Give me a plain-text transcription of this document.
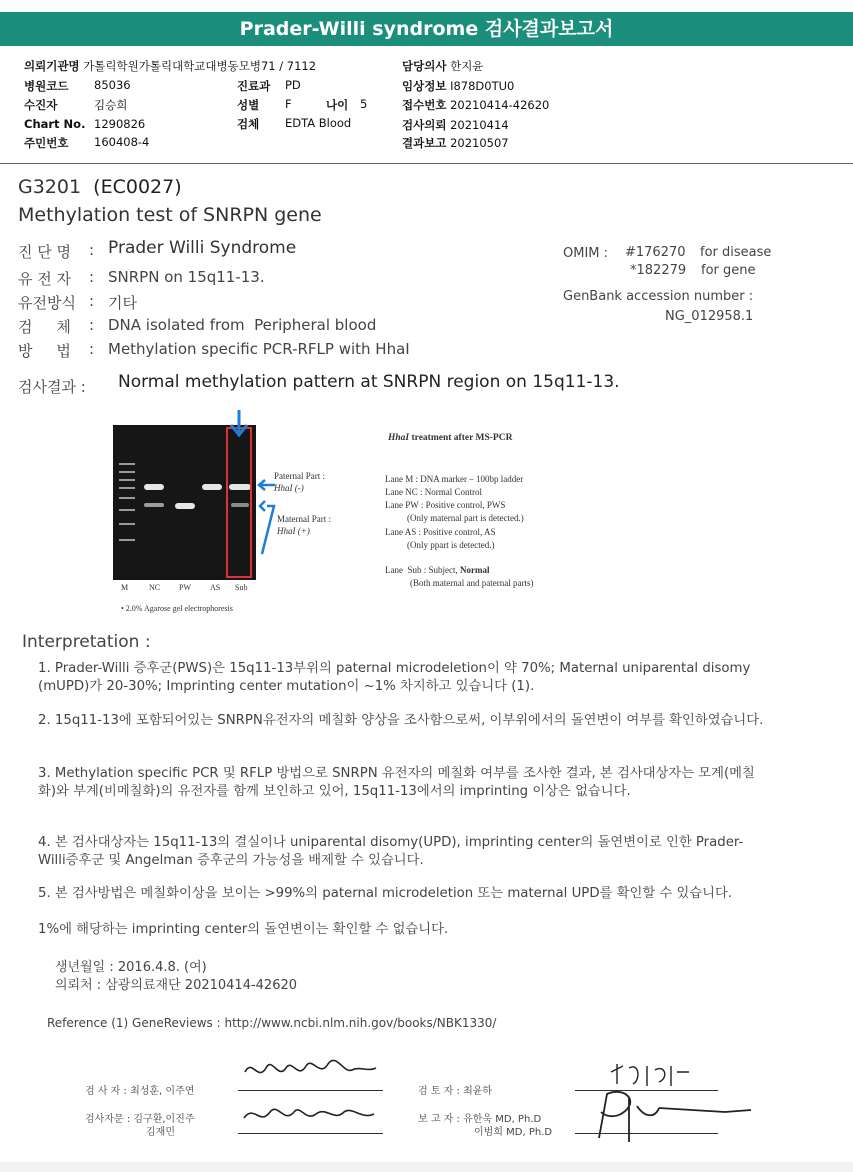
Prader-Willi syndrome 검사결과보고서
의뢰기관명 가톨릭학원가톨릭대학교대병동모병71 / 7112
병원코드 85036
수진자	김승희
Chart No. 1290826
주민번호 160408-4
진료과 PD
성별 F	나이 5
검체 EDTA Blood
담당의사 한지윤
임상정보 I878D0TU0
접수번호 20210414-42620
검사의뢰 20210414
결과보고 20210507
G3201 (EC0027)
Methylation test of SNRPN gene
진 단 명 : Prader Willi Syndrome
유 전 자 : SNRPN on 15q11-13.
유전방식 : 기타
검     체 : DNA isolated from  Peripheral blood
방     법 : Methylation specific PCR-RFLP with HhaI
OMIM : #176270 for disease
*182279 for gene
GenBank accession number :
NG_012958.1
검사결과 : Normal methylation pattern at SNRPN region on 15q11-13.
Paternal Part :
HhaI (-)
Maternal Part :
HhaI (+)
M	NC PW AS Sub
• 2.0% Agarose gel electrophoresis
HhaI treatment after MS-PCR
Lane M : DNA marker – 100bp ladder
Lane NC : Normal Control
Lane PW : Positive control, PWS
(Only maternal part is detected.)
Lane AS : Positive control, AS
(Only ppart is detected.)
Lane  Sub : Subject, Normal
(Both maternal and paternal parts)
Interpretation :
1. Prader-Willi 증후군(PWS)은 15q11-13부위의 paternal microdeletion이 약 70%; Maternal uniparental disomy (mUPD)가 20-30%; Imprinting center mutation이 ~1% 차지하고 있습니다 (1).
2. 15q11-13에 포함되어있는 SNRPN유전자의 메칠화 양상을 조사함으로써, 이부위에서의 돌연변이 여부를 확인하였습니다.
3. Methylation specific PCR 및 RFLP 방법으로 SNRPN 유전자의 메칠화 여부를 조사한 결과, 본 검사대상자는 모계(메칠화)와 부계(비메칠화)의 유전자를 함께 보인하고 있어, 15q11-13에서의 imprinting 이상은 없습니다.
4. 본 검사대상자는 15q11-13의 결실이나 uniparental disomy(UPD), imprinting center의 돌연변이로 인한 Prader-Willi증후군 및 Angelman 증후군의 가능성을 배제할 수 있습니다.
5. 본 검사방법은 메칠화이상을 보이는 >99%의 paternal microdeletion 또는 maternal UPD를 확인할 수 있습니다.
1%에 해당하는 imprinting center의 돌연변이는 확인할 수 없습니다.
생년월일 : 2016.4.8. (여)
의뢰처 : 삼광의료재단 20210414-42620
Reference (1) GeneReviews : http://www.ncbi.nlm.nih.gov/books/NBK1330/
검 사 자 : 최성훈, 이주연
검사자문 : 김구환,이진주
김재민
검 토 자 : 최윤하
보 고 자 : 유한욱 MD, Ph.D
이범희 MD, Ph.D
